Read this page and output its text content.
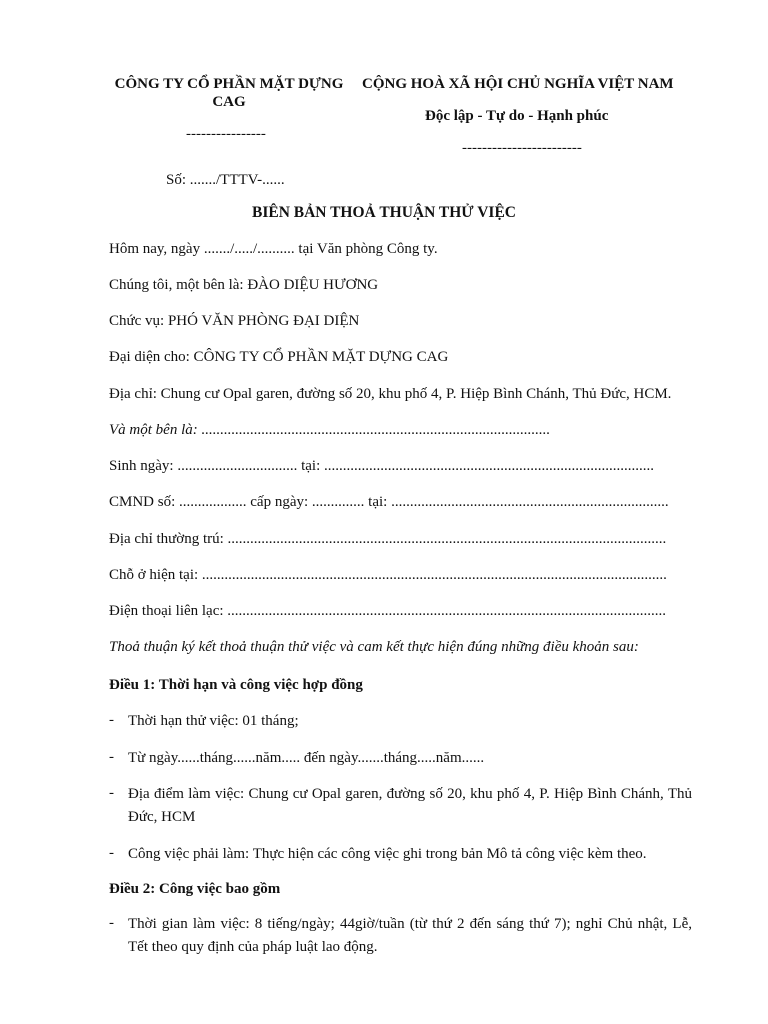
CÔNG TY CỔ PHẦN MẶT DỰNG
CAG
----------------
CỘNG HOÀ XÃ HỘI CHỦ NGHĨA VIỆT NAM
Độc lập - Tự do - Hạnh phúc
------------------------
Số: ......./TTTV-......
BIÊN BẢN THOẢ THUẬN THỬ VIỆC
Hôm nay, ngày ......./...../.......... tại Văn phòng Công ty.
Chúng tôi, một bên là: ĐÀO DIỆU HƯƠNG
Chức vụ: PHÓ VĂN PHÒNG ĐẠI DIỆN
Đại diện cho: CÔNG TY CỔ PHẦN MẶT DỰNG CAG
Địa chỉ: Chung cư Opal garen, đường số 20, khu phố 4, P. Hiệp Bình Chánh, Thủ Đức, HCM.
Và một bên là: .............................................................................................
Sinh ngày: ................................ tại: ........................................................................................
CMND số: .................. cấp ngày: .............. tại: ..........................................................................
Địa chỉ thường trú: .....................................................................................................................
Chỗ ở hiện tại: ............................................................................................................................
Điện thoại liên lạc: .....................................................................................................................
Thoả thuận ký kết thoả thuận thử việc và cam kết thực hiện đúng những điều khoản sau:
Điều 1: Thời hạn và công việc hợp đồng
- Thời hạn thử việc: 01 tháng;
- Từ ngày......tháng......năm..... đến ngày.......tháng.....năm......
- Địa điểm làm việc: Chung cư Opal garen, đường số 20, khu phố 4, P. Hiệp Bình Chánh, Thủ Đức, HCM
- Công việc phải làm: Thực hiện các công việc ghi trong bản Mô tả công việc kèm theo.
Điều 2: Công việc bao gồm
- Thời gian làm việc: 8 tiếng/ngày; 44giờ/tuần (từ thứ 2 đến sáng thứ 7); nghỉ Chủ nhật, Lễ, Tết theo quy định của pháp luật lao động.
